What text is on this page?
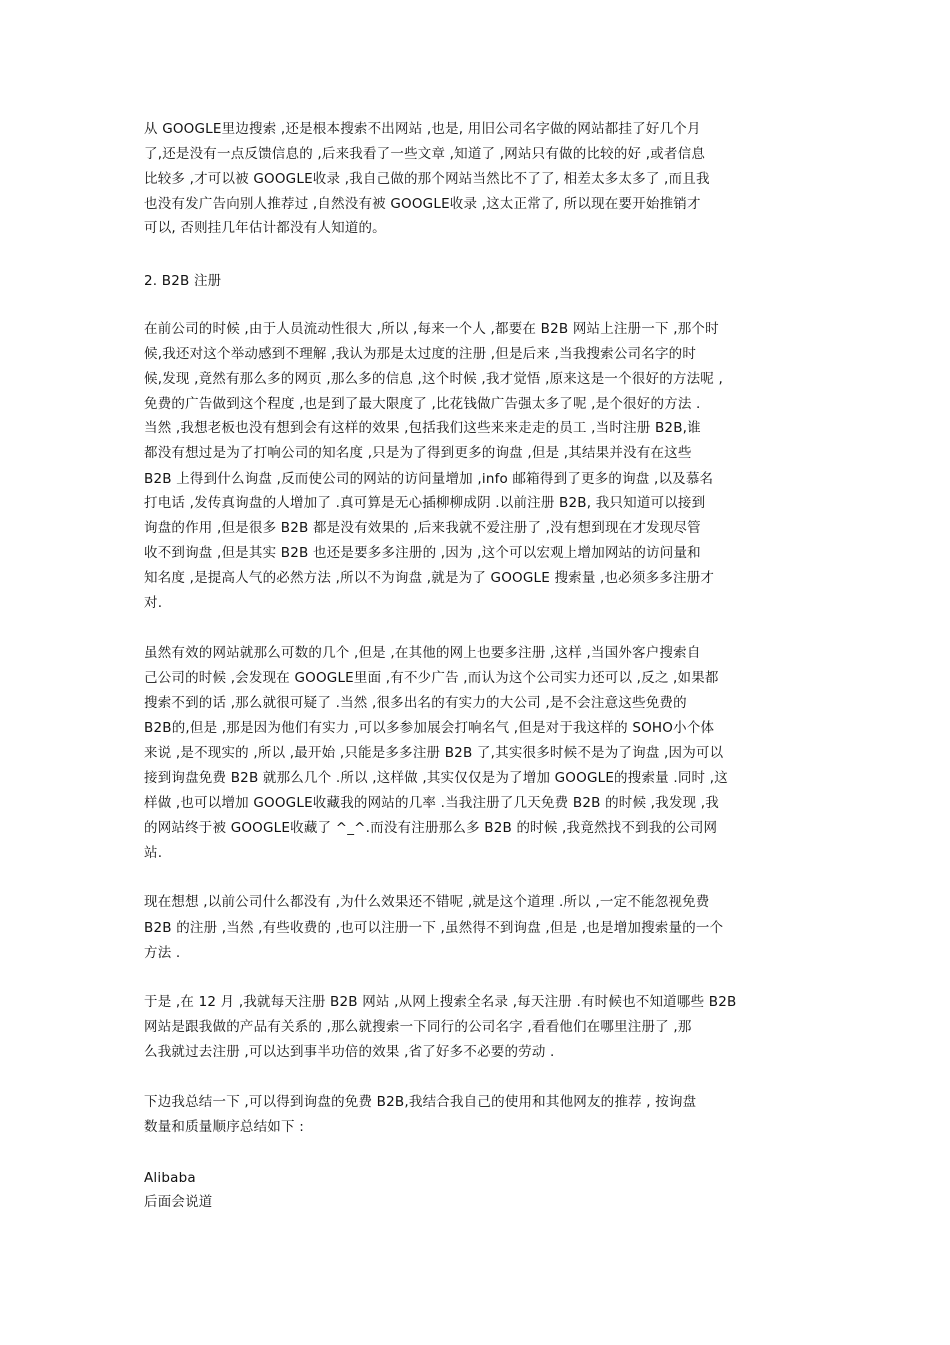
从 GOOGLE里边搜索 ,还是根本搜索不出网站 ,也是, 用旧公司名字做的网站都挂了好几个月
了,还是没有一点反馈信息的 ,后来我看了一些文章 ,知道了 ,网站只有做的比较的好 ,或者信息
比较多 ,才可以被 GOOGLE收录 ,我自己做的那个网站当然比不了了, 相差太多太多了 ,而且我
也没有发广告向别人推荐过 ,自然没有被 GOOGLE收录 ,这太正常了, 所以现在要开始推销才
可以, 否则挂几年估计都没有人知道的。
2. B2B 注册
在前公司的时候 ,由于人员流动性很大 ,所以 ,每来一个人 ,都要在 B2B 网站上注册一下 ,那个时
候,我还对这个举动感到不理解 ,我认为那是太过度的注册 ,但是后来 ,当我搜索公司名字的时
候,发现 ,竟然有那么多的网页 ,那么多的信息 ,这个时候 ,我才觉悟 ,原来这是一个很好的方法呢 ,
免费的广告做到这个程度 ,也是到了最大限度了 ,比花钱做广告强太多了呢 ,是个很好的方法 .
当然 ,我想老板也没有想到会有这样的效果 ,包括我们这些来来走走的员工 ,当时注册 B2B,谁
都没有想过是为了打响公司的知名度 ,只是为了得到更多的询盘 ,但是 ,其结果并没有在这些
B2B 上得到什么询盘 ,反而使公司的网站的访问量增加 ,info 邮箱得到了更多的询盘 ,以及慕名
打电话 ,发传真询盘的人增加了 .真可算是无心插柳柳成阴 .以前注册 B2B, 我只知道可以接到
询盘的作用 ,但是很多 B2B 都是没有效果的 ,后来我就不爱注册了 ,没有想到现在才发现尽管
收不到询盘 ,但是其实 B2B 也还是要多多注册的 ,因为 ,这个可以宏观上增加网站的访问量和
知名度 ,是提高人气的必然方法 ,所以不为询盘 ,就是为了 GOOGLE 搜索量 ,也必须多多注册才
对.
虽然有效的网站就那么可数的几个 ,但是 ,在其他的网上也要多注册 ,这样 ,当国外客户搜索自
己公司的时候 ,会发现在 GOOGLE里面 ,有不少广告 ,而认为这个公司实力还可以 ,反之 ,如果都
搜索不到的话 ,那么就很可疑了 .当然 ,很多出名的有实力的大公司 ,是不会注意这些免费的
B2B的,但是 ,那是因为他们有实力 ,可以多参加展会打响名气 ,但是对于我这样的 SOHO小个体
来说 ,是不现实的 ,所以 ,最开始 ,只能是多多注册 B2B 了,其实很多时候不是为了询盘 ,因为可以
接到询盘免费 B2B 就那么几个 .所以 ,这样做 ,其实仅仅是为了增加 GOOGLE的搜索量 .同时 ,这
样做 ,也可以增加 GOOGLE收藏我的网站的几率 .当我注册了几天免费 B2B 的时候 ,我发现 ,我
的网站终于被 GOOGLE收藏了 ^_^.而没有注册那么多 B2B 的时候 ,我竟然找不到我的公司网
站.
现在想想 ,以前公司什么都没有 ,为什么效果还不错呢 ,就是这个道理 .所以 ,一定不能忽视免费
B2B 的注册 ,当然 ,有些收费的 ,也可以注册一下 ,虽然得不到询盘 ,但是 ,也是增加搜索量的一个
方法 .
于是 ,在 12 月 ,我就每天注册 B2B 网站 ,从网上搜索全名录 ,每天注册 .有时候也不知道哪些 B2B
网站是跟我做的产品有关系的 ,那么就搜索一下同行的公司名字 ,看看他们在哪里注册了 ,那
么我就过去注册 ,可以达到事半功倍的效果 ,省了好多不必要的劳动 .
下边我总结一下 ,可以得到询盘的免费 B2B,我结合我自己的使用和其他网友的推荐 , 按询盘
数量和质量顺序总结如下 :
Alibaba
后面会说道
